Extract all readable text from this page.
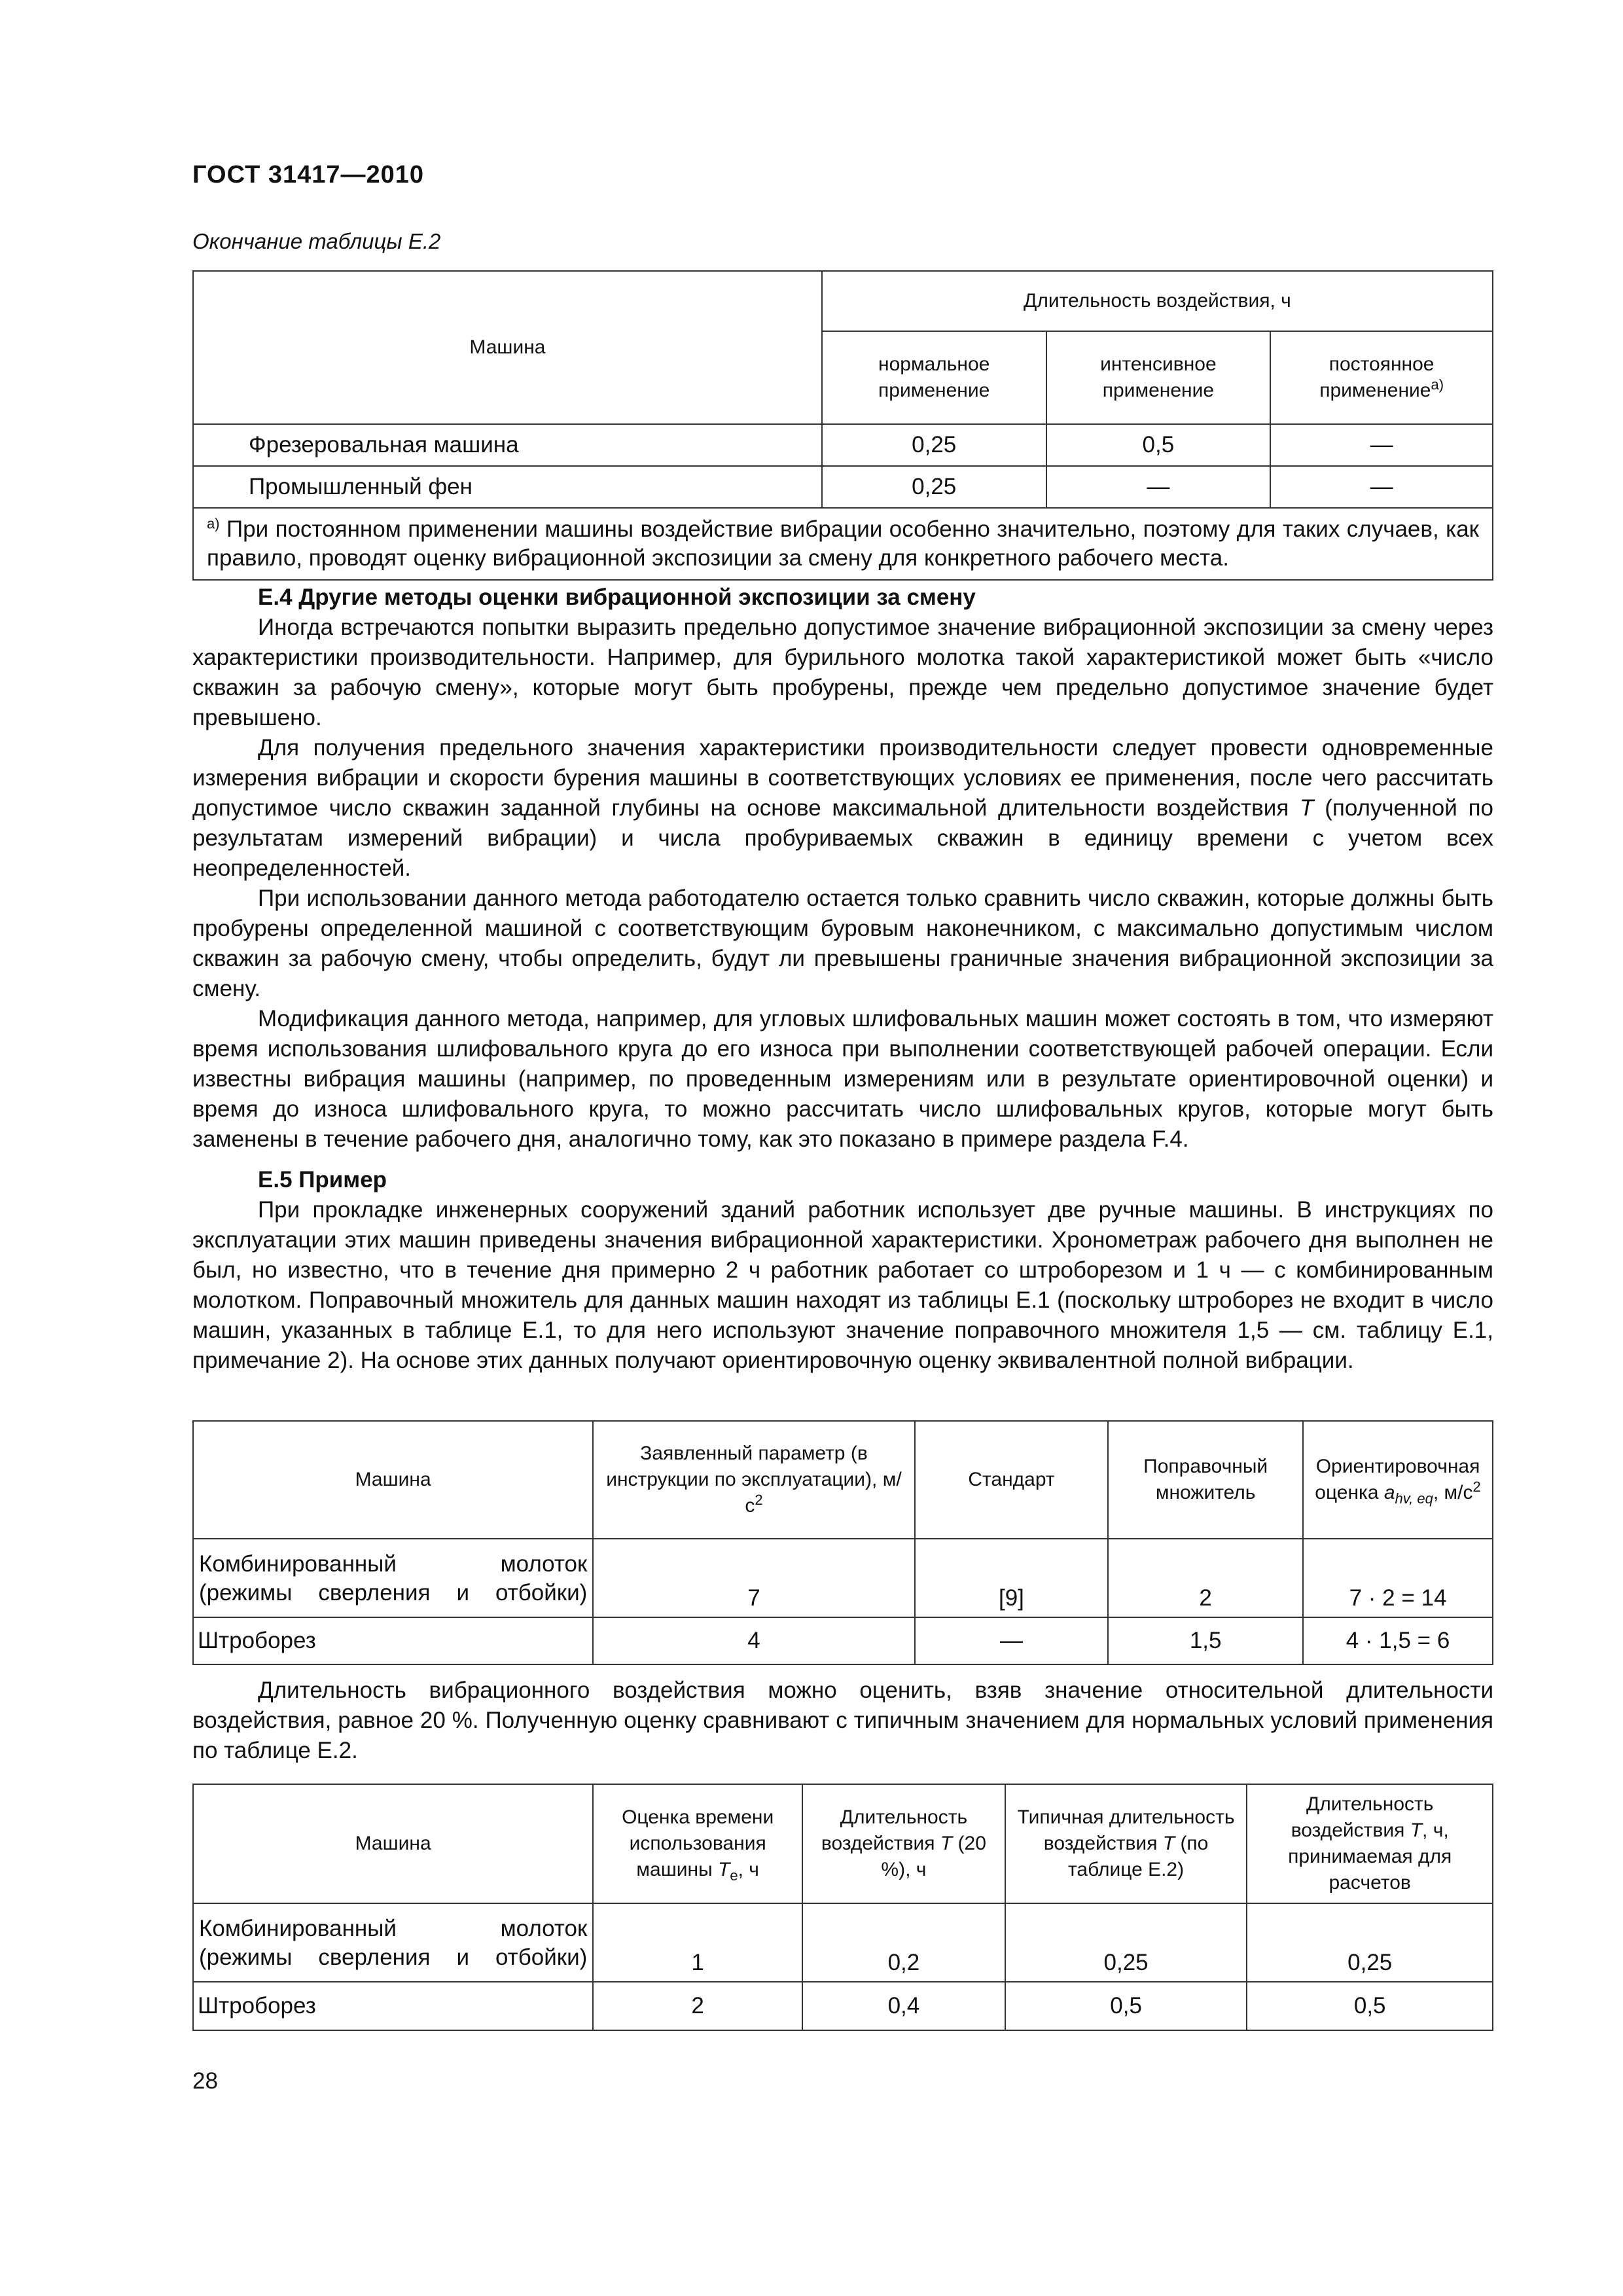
ГОСТ 31417—2010
Окончание таблицы Е.2
Машина	Длительность воздействия, ч		
	нормальное применение	интенсивное применение	постоянное применение$^{а)}$
Фрезеровальная машина	0,25	0,5	—
Промышленный фен	0,25	—	—
$^{а)}$ При постоянном применении машины воздействие вибрации особенно значительно, поэтому для таких случаев, как правило, проводят оценку вибрационной экспозиции за смену для конкретного рабочего места.			
Е.4 Другие методы оценки вибрационной экспозиции за смену

Иногда встречаются попытки выразить предельно допустимое значение вибрационной экспозиции за смену через характеристики производительности. Например, для бурильного молотка такой характеристикой может быть «число скважин за рабочую смену», которые могут быть пробурены, прежде чем предельно допустимое значение будет превышено.

Для получения предельного значения характеристики производительности следует провести одновременные измерения вибрации и скорости бурения машины в соответствующих условиях ее применения, после чего рассчитать допустимое число скважин заданной глубины на основе максимальной длительности воздействия T (полученной по результатам измерений вибрации) и числа пробуриваемых скважин в единицу времени с учетом всех неопределенностей.

При использовании данного метода работодателю остается только сравнить число скважин, которые должны быть пробурены определенной машиной с соответствующим буровым наконечником, с максимально допустимым числом скважин за рабочую смену, чтобы определить, будут ли превышены граничные значения вибрационной экспозиции за смену.

Модификация данного метода, например, для угловых шлифовальных машин может состоять в том, что измеряют время использования шлифовального круга до его износа при выполнении соответствующей рабочей операции. Если известны вибрация машины (например, по проведенным измерениям или в результате ориентировочной оценки) и время до износа шлифовального круга, то можно рассчитать число шлифовальных кругов, которые могут быть заменены в течение рабочего дня, аналогично тому, как это показано в примере раздела F.4.

Е.5 Пример

При прокладке инженерных сооружений зданий работник использует две ручные машины. В инструкциях по эксплуатации этих машин приведены значения вибрационной характеристики. Хронометраж рабочего дня выполнен не был, но известно, что в течение дня примерно 2 ч работник работает со штроборезом и 1 ч — с комбинированным молотком. Поправочный множитель для данных машин находят из таблицы Е.1 (поскольку штроборез не входит в число машин, указанных в таблице Е.1, то для него используют значение поправочного множителя 1,5 — см. таблицу Е.1, примечание 2). На основе этих данных получают ориентировочную оценку эквивалентной полной вибрации.

Машина	Заявленный параметр (в инструкции по эксплуатации), $м/с^2$	Стандарт	Поправочный множитель	Ориентировочная оценка $a_{hv, eq}$, $м/с^2$

Комбинированный молоток (режимы сверления и отбойки)	7	[9]	2	7 · 2 = 14
Штроборез	4	—	1,5	4 · 1,5 = 6

Длительность вибрационного воздействия можно оценить, взяв значение относительной длительности воздействия, равное 20 %. Полученную оценку сравнивают с типичным значением для нормальных условий применения по таблице Е.2.

Машина	Оценка времени использования машины $T_e$, ч	Длительность воздействия T (20 %), ч	Типичная длительность воздействия T (по таблице Е.2)	Длительность воздействия T, ч, принимаемая для расчетов

Комбинированный молоток (режимы сверления и отбойки)	1	0,2	0,25	0,25
Штроборез	2	0,4	0,5	0,5
28
